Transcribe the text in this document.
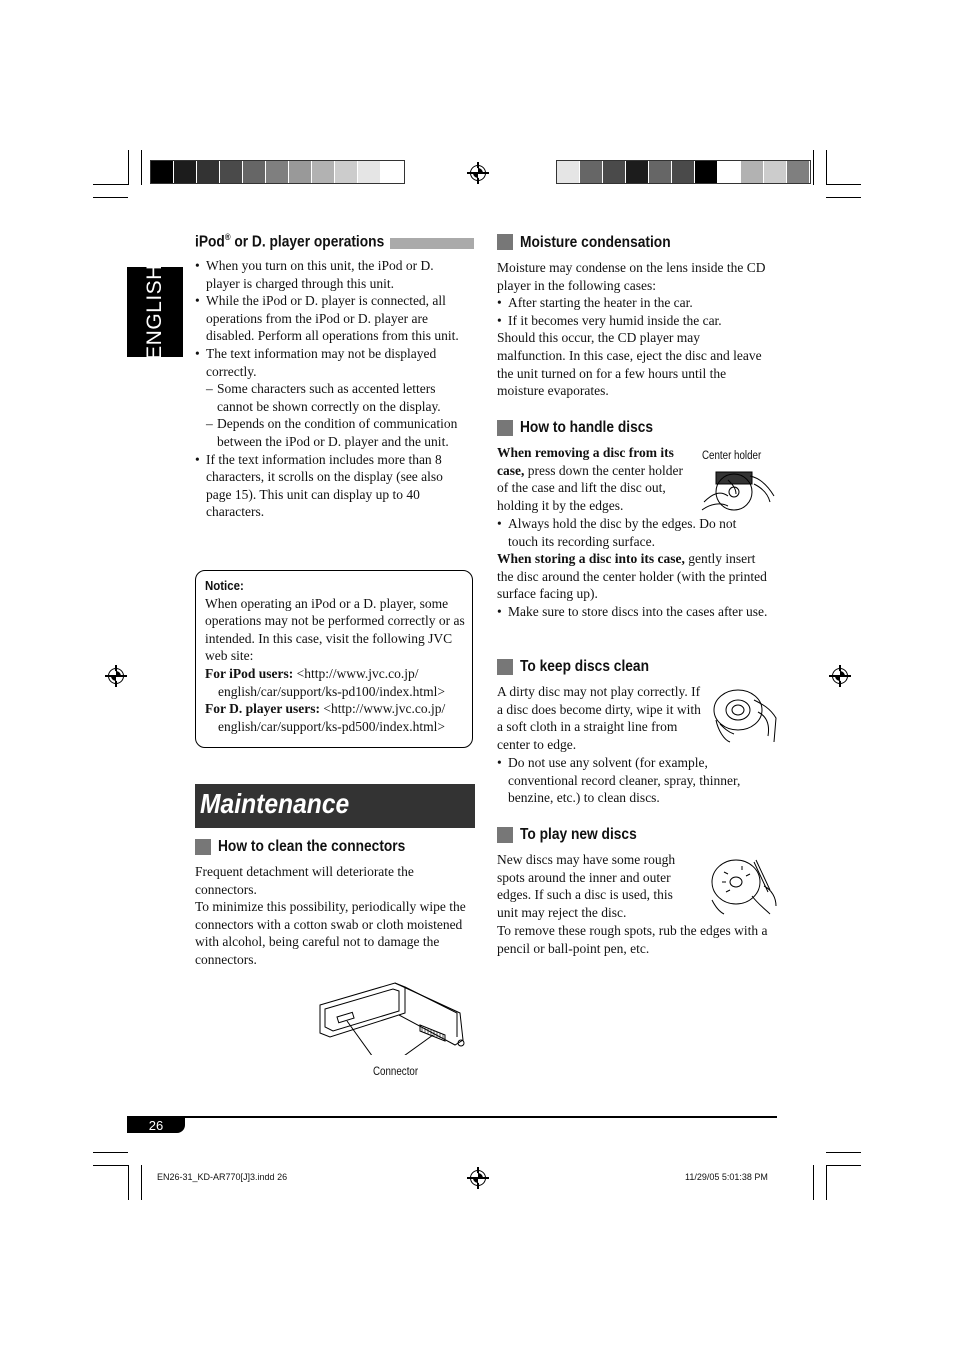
ENGLISH
iPod® or D. player operations
• When you turn on this unit, the iPod or D. player is charged through this unit.
• While the iPod or D. player is connected, all operations from the iPod or D. player are disabled. Perform all operations from this unit.
• The text information may not be displayed correctly.
– Some characters such as accented letters cannot be shown correctly on the display.
– Depends on the condition of communication between the iPod or D. player and the unit.
• If the text information includes more than 8 characters, it scrolls on the display (see also page 15). This unit can display up to 40 characters.
Notice:
When operating an iPod or a D. player, some operations may not be performed correctly or as intended. In this case, visit the following JVC web site:
For iPod users: <http://www.jvc.co.jp/
english/car/support/ks-pd100/index.html>
For D. player users: <http://www.jvc.co.jp/
english/car/support/ks-pd500/index.html>
Maintenance
How to clean the connectors
Frequent detachment will deteriorate the connectors.
To minimize this possibility, periodically wipe the connectors with a cotton swab or cloth moistened with alcohol, being careful not to damage the connectors.
Connector
Moisture condensation
Moisture may condense on the lens inside the CD player in the following cases:
• After starting the heater in the car.
• If it becomes very humid inside the car.
Should this occur, the CD player may malfunction. In this case, eject the disc and leave the unit turned on for a few hours until the moisture evaporates.
How to handle discs
When removing a disc from its case, press down the center holder of the case and lift the disc out, holding it by the edges.
• Always hold the disc by the edges. Do not touch its recording surface.
When storing a disc into its case, gently insert the disc around the center holder (with the printed surface facing up).
• Make sure to store discs into the cases after use.
Center holder
To keep discs clean
A dirty disc may not play correctly. If a disc does become dirty, wipe it with a soft cloth in a straight line from center to edge.
• Do not use any solvent (for example, conventional record cleaner, spray, thinner, benzine, etc.) to clean discs.
To play new discs
New discs may have some rough spots around the inner and outer edges. If such a disc is used, this unit may reject the disc.
To remove these rough spots, rub the edges with a pencil or ball-point pen, etc.
26
EN26-31_KD-AR770[J]3.indd 26	11/29/05 5:01:38 PM
